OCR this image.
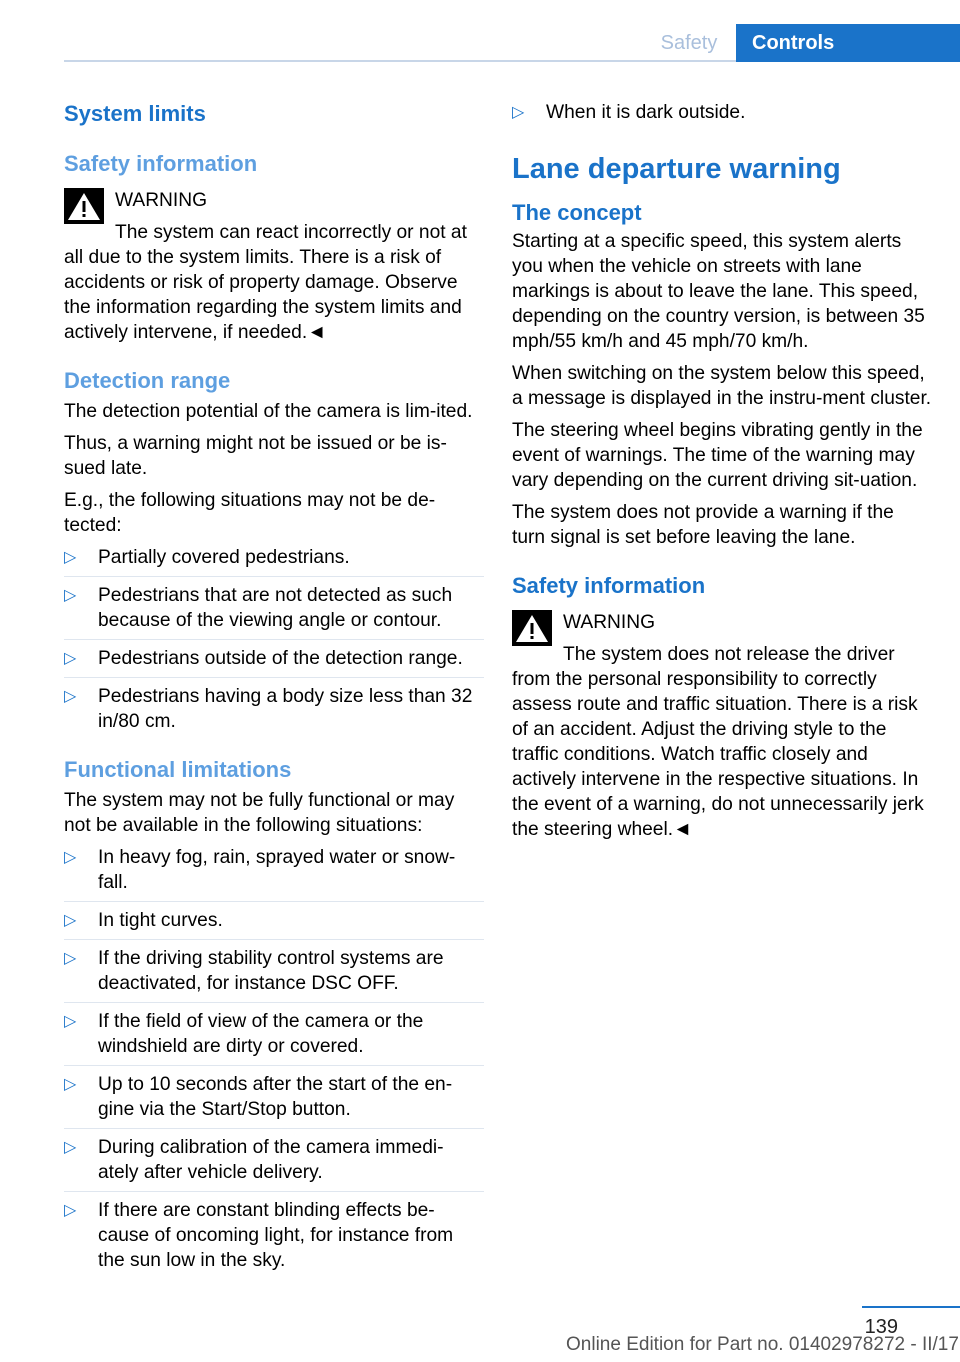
Safety	Controls
System limits
Safety information
WARNING

The system can react incorrectly or not at all due to the system limits. There is a risk of accidents or risk of property damage. Observe the information regarding the system limits and actively intervene, if needed.◄

Detection range

The detection potential of the camera is lim‐ited.

Thus, a warning might not be issued or be is‐sued late.

E.g., the following situations may not be de‐tected:

▷ Partially covered pedestrians.
▷ Pedestrians that are not detected as such because of the viewing angle or contour.
▷ Pedestrians outside of the detection range.
▷ Pedestrians having a body size less than 32 in/80 cm.
Functional limitations

The system may not be fully functional or may not be available in the following situations:

▷ In heavy fog, rain, sprayed water or snow‐fall.
▷ In tight curves.
▷ If the driving stability control systems are deactivated, for instance DSC OFF.
▷ If the field of view of the camera or the windshield are dirty or covered.
▷ Up to 10 seconds after the start of the en‐gine via the Start/Stop button.
▷ During calibration of the camera immedi‐ately after vehicle delivery.
▷ If there are constant blinding effects be‐cause of oncoming light, for instance from the sun low in the sky.
▷ When it is dark outside.
Lane departure warning
The concept

Starting at a specific speed, this system alerts you when the vehicle on streets with lane markings is about to leave the lane. This speed, depending on the country version, is between 35 mph/55 km/h and 45 mph/70 km/h.

When switching on the system below this speed, a message is displayed in the instru‐ment cluster.

The steering wheel begins vibrating gently in the event of warnings. The time of the warning may vary depending on the current driving sit‐uation.

The system does not provide a warning if the turn signal is set before leaving the lane.

Safety information
WARNING

The system does not release the driver from the personal responsibility to correctly assess route and traffic situation. There is a risk of an accident. Adjust the driving style to the traffic conditions. Watch traffic closely and actively intervene in the respective situations. In the event of a warning, do not unnecessarily jerk the steering wheel.◄

139
Online Edition for Part no. 01402978272 - II/17
